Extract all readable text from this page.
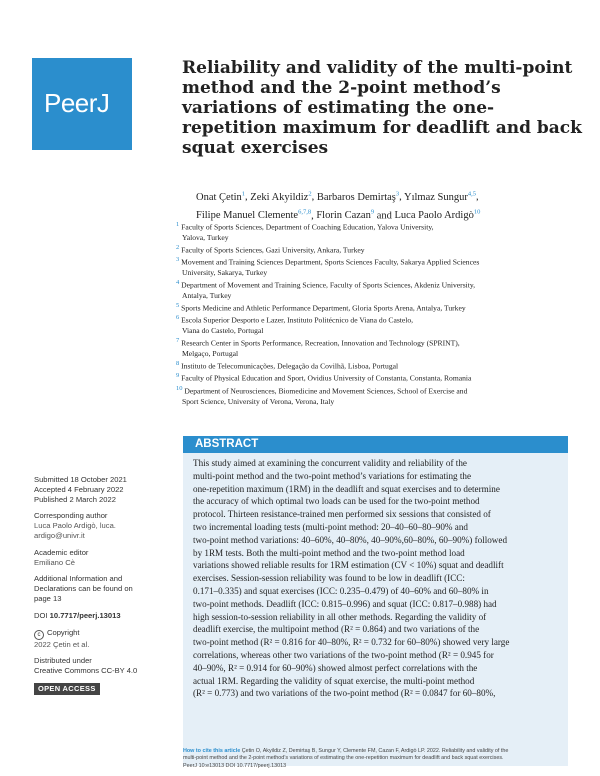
PeerJ
Reliability and validity of the multi-point method and the 2-point method’s variations of estimating the one-repetition maximum for deadlift and back squat exercises

Onat Çetin$^1$, Zeki Akyildiz$^2$, Barbaros Demirtaş$^3$, Yılmaz Sungur$^{4,5}$,
Filipe Manuel Clemente$^{6,7,8}$, Florin Cazan$^9$ and Luca Paolo Ardigò$^{10}$

$^1$ Faculty of Sports Sciences, Department of Coaching Education, Yalova University,
Yalova, Turkey
$^2$ Faculty of Sports Sciences, Gazi University, Ankara, Turkey
$^3$ Movement and Training Sciences Department, Sports Sciences Faculty, Sakarya Applied Sciences
University, Sakarya, Turkey
$^4$ Department of Movement and Training Science, Faculty of Sports Sciences, Akdeniz University,
Antalya, Turkey
$^5$ Sports Medicine and Athletic Performance Department, Gloria Sports Arena, Antalya, Turkey
$^6$ Escola Superior Desporto e Lazer, Instituto Politécnico de Viana do Castelo,
Viana do Castelo, Portugal
$^7$ Research Center in Sports Performance, Recreation, Innovation and Technology (SPRINT),
Melgaço, Portugal
$^8$ Instituto de Telecomunicações, Delegação da Covilhã, Lisboa, Portugal
$^9$ Faculty of Physical Education and Sport, Ovidius University of Constanta, Constanta, Romania
$^{10}$ Department of Neurosciences, Biomedicine and Movement Sciences, School of Exercise and
Sport Science, University of Verona, Verona, Italy
Submitted 18 October 2021
Accepted 4 February 2022
Published 2 March 2022
Corresponding author
Luca Paolo Ardigò, luca.
ardigo@univr.it
Academic editor
Emiliano Cè
Additional Information and
Declarations can be found on
page 13
DOI 10.7717/peerj.13013
c Copyright
2022 Çetin et al.
Distributed under
Creative Commons CC-BY 4.0
OPEN ACCESS
ABSTRACT

This study aimed at examining the concurrent validity and reliability of the
multi-point method and the two-point method’s variations for estimating the
one-repetition maximum (1RM) in the deadlift and squat exercises and to determine
the accuracy of which optimal two loads can be used for the two-point method
protocol. Thirteen resistance-trained men performed six sessions that consisted of
two incremental loading tests (multi-point method: 20–40–60–80–90% and
two-point method variations: 40–60%, 40–80%, 40–90%,60–80%, 60–90%) followed
by 1RM tests. Both the multi-point method and the two-point method load
variations showed reliable results for 1RM estimation (CV < 10%) squat and deadlift
exercises. Session-session reliability was found to be low in deadlift (ICC:
0.171–0.335) and squat exercises (ICC: 0.235–0.479) of 40–60% and 60–80% in
two-point methods. Deadlift (ICC: 0.815–0.996) and squat (ICC: 0.817–0.988) had
high session-to-session reliability in all other methods. Regarding the validity of
deadlift exercise, the multipoint method (R² = 0.864) and two variations of the
two-point method (R² = 0.816 for 40–80%, R² = 0.732 for 60–80%) showed very large
correlations, whereas other two variations of the two-point method (R² = 0.945 for
40–90%, R² = 0.914 for 60–90%) showed almost perfect correlations with the
actual 1RM. Regarding the validity of squat exercise, the multi-point method
(R² = 0.773) and two variations of the two-point method (R² = 0.0847 for 60–80%,

How to cite this article Çetin O, Akyildiz Z, Demirtaş B, Sungur Y, Clemente FM, Cazan F, Ardigò LP. 2022. Reliability and validity of the
multi-point method and the 2-point method’s variations of estimating the one-repetition maximum for deadlift and back squat exercises.
PeerJ 10:e13013 DOI 10.7717/peerj.13013
